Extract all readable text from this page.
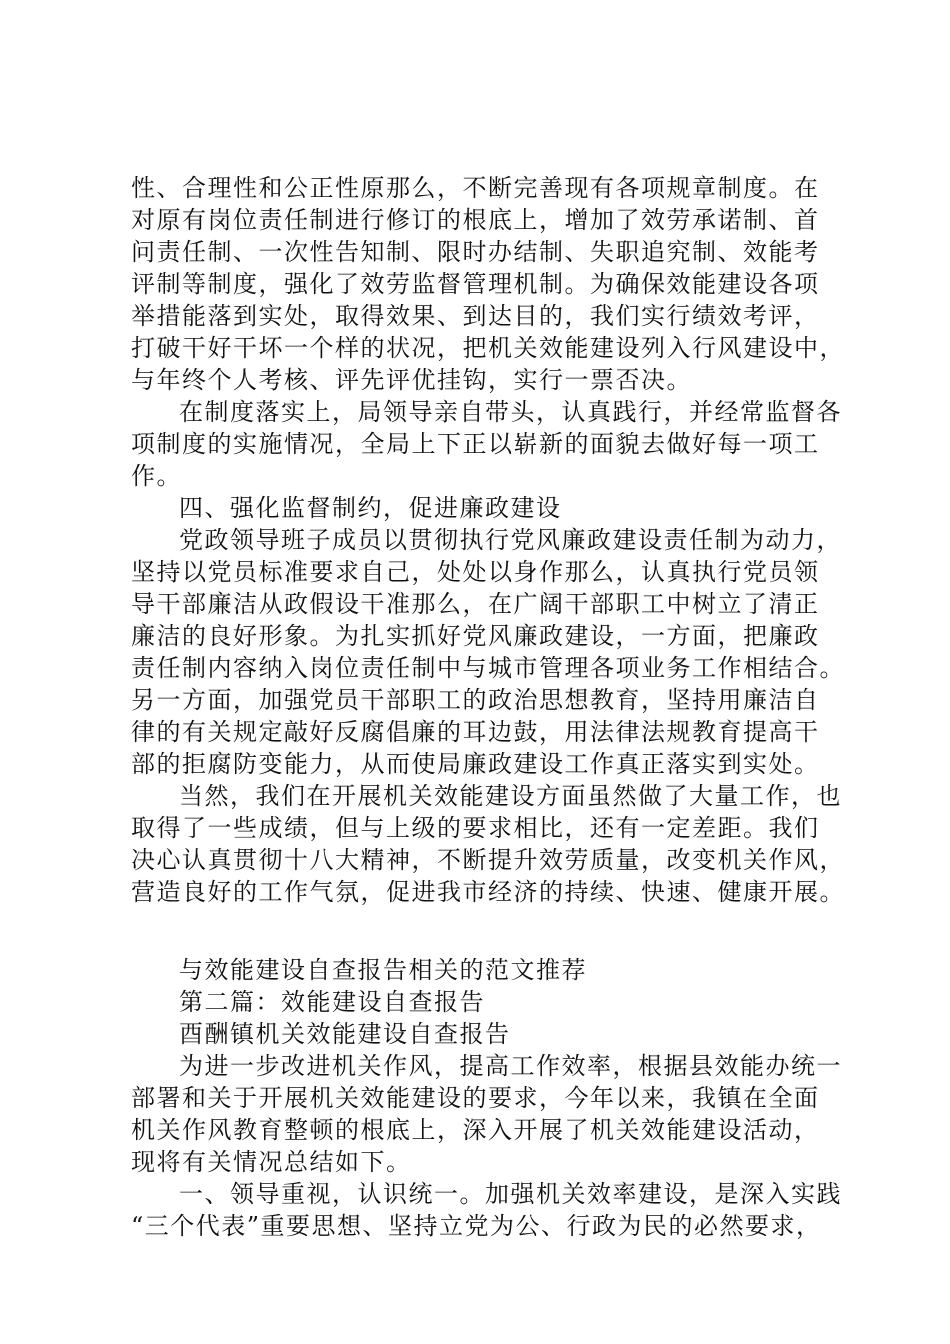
性、合理性和公正性原那么，不断完善现有各项规章制度。在
对原有岗位责任制进行修订的根底上，增加了效劳承诺制、首
问责任制、一次性告知制、限时办结制、失职追究制、效能考
评制等制度，强化了效劳监督管理机制。为确保效能建设各项
举措能落到实处，取得效果、到达目的，我们实行绩效考评，
打破干好干坏一个样的状况，把机关效能建设列入行风建设中，
与年终个人考核、评先评优挂钩，实行一票否决。
在制度落实上，局领导亲自带头，认真践行，并经常监督各
项制度的实施情况，全局上下正以崭新的面貌去做好每一项工
作。
四、强化监督制约，促进廉政建设
党政领导班子成员以贯彻执行党风廉政建设责任制为动力，
坚持以党员标准要求自己，处处以身作那么，认真执行党员领
导干部廉洁从政假设干准那么，在广阔干部职工中树立了清正
廉洁的良好形象。为扎实抓好党风廉政建设，一方面，把廉政
责任制内容纳入岗位责任制中与城市管理各项业务工作相结合。
另一方面，加强党员干部职工的政治思想教育，坚持用廉洁自
律的有关规定敲好反腐倡廉的耳边鼓，用法律法规教育提高干
部的拒腐防变能力，从而使局廉政建设工作真正落实到实处。
当然，我们在开展机关效能建设方面虽然做了大量工作，也
取得了一些成绩，但与上级的要求相比，还有一定差距。我们
决心认真贯彻十八大精神，不断提升效劳质量，改变机关作风，
营造良好的工作气氛，促进我市经济的持续、快速、健康开展。
与效能建设自查报告相关的范文推荐
第二篇：效能建设自查报告
酉酬镇机关效能建设自查报告
为进一步改进机关作风，提高工作效率，根据县效能办统一
部署和关于开展机关效能建设的要求，今年以来，我镇在全面
机关作风教育整顿的根底上，深入开展了机关效能建设活动，
现将有关情况总结如下。
一、领导重视，认识统一。加强机关效率建设，是深入实践
“三个代表”重要思想、坚持立党为公、行政为民的必然要求，
